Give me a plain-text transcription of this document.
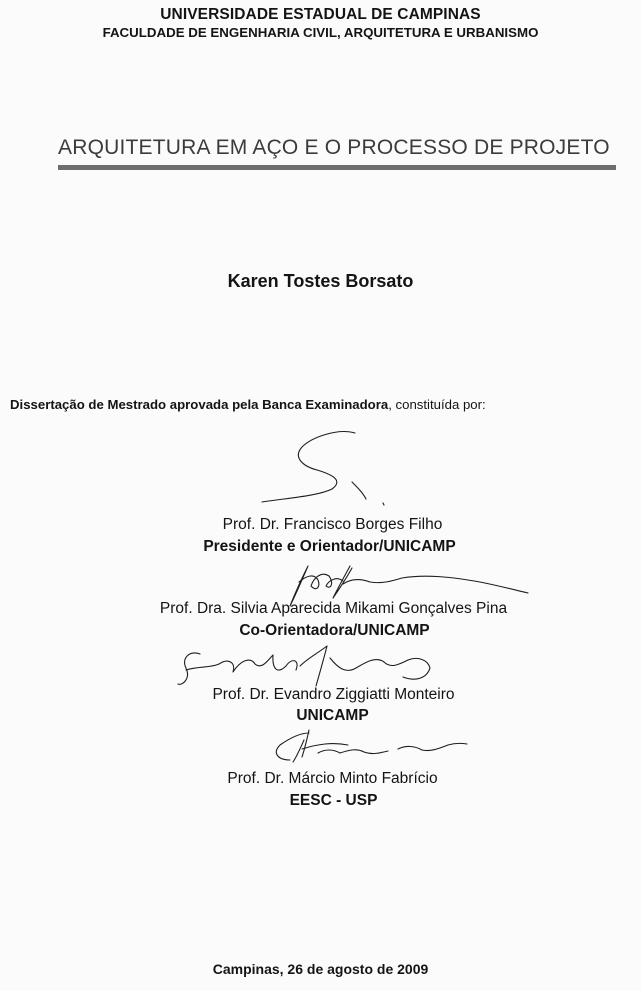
UNIVERSIDADE ESTADUAL DE CAMPINAS
FACULDADE DE ENGENHARIA CIVIL, ARQUITETURA E URBANISMO
ARQUITETURA EM AÇO E O PROCESSO DE PROJETO
Karen Tostes Borsato
Dissertação de Mestrado aprovada pela Banca Examinadora, constituída por:
Prof. Dr. Francisco Borges Filho
Presidente e Orientador/UNICAMP
Prof. Dra. Silvia Aparecida Mikami Gonçalves Pina
Co-Orientadora/UNICAMP
Prof. Dr. Evandro Ziggiatti Monteiro
UNICAMP
Prof. Dr. Márcio Minto Fabrício
EESC - USP
Campinas, 26 de agosto de 2009
